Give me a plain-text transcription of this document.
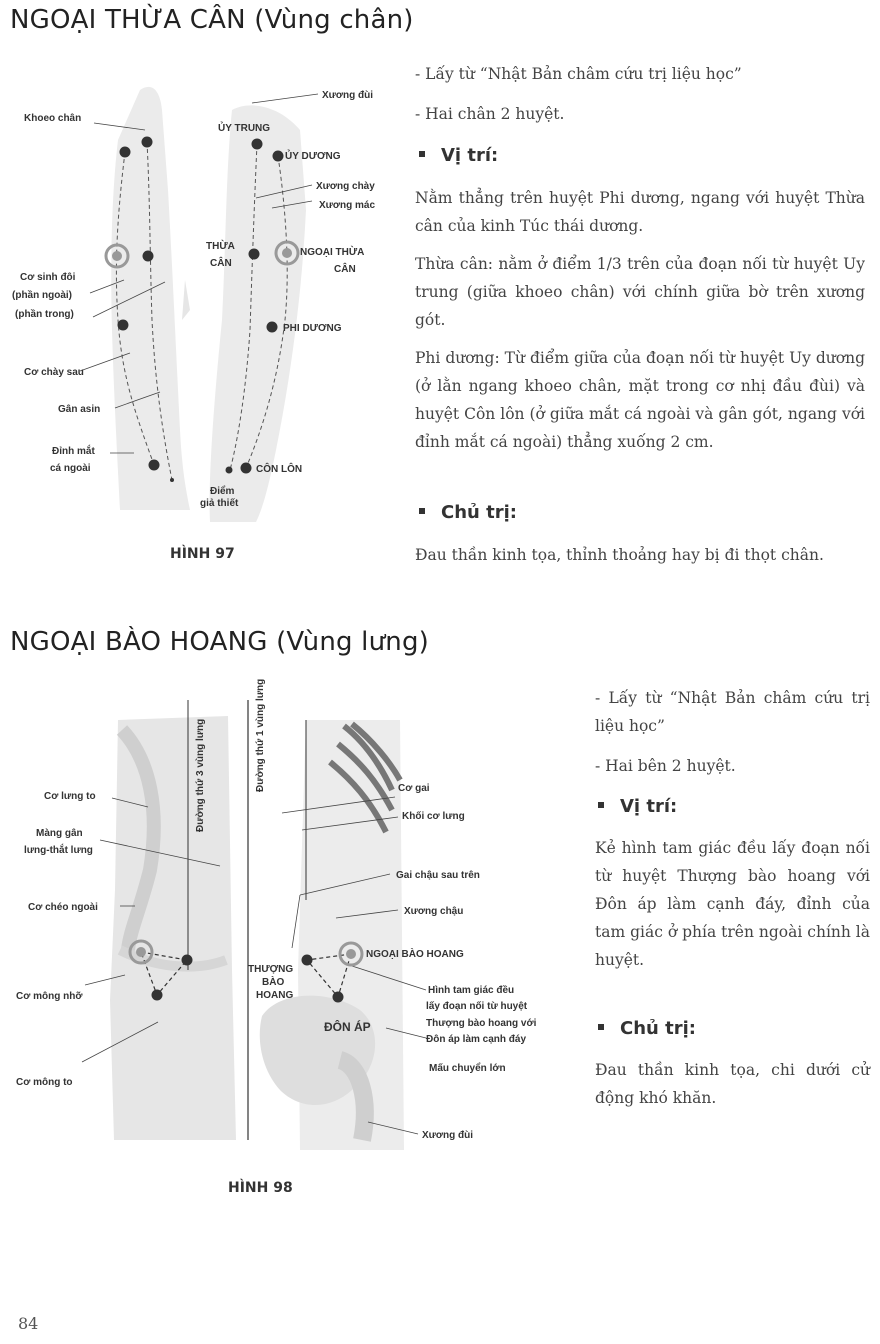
NGOẠI THỪA CÂN (Vùng chân)
Xương đùi
Khoeo chân
ỦY TRUNG
ỦY DƯƠNG
Xương chày
Xương mác
THỪA
CÂN
NGOẠI THỪA
CÂN
Cơ sinh đôi
(phần ngoài)
(phần trong)
PHI DƯƠNG
Cơ chày sau
Gân asin
Đỉnh mắt
cá ngoài	CÔN LÔN
Điểm
giả thiết
HÌNH 97

- Lấy từ “Nhật Bản châm cứu trị liệu học”

- Hai chân 2 huyệt.

Vị trí:

Nằm thẳng trên huyệt Phi dương, ngang với huyệt Thừa cân của kinh Túc thái dương.

Thừa cân: nằm ở điểm 1/3 trên của đoạn nối từ huyệt Uy trung (giữa khoeo chân) với chính giữa bờ trên xương gót.

Phi dương: Từ điểm giữa của đoạn nối từ huyệt Uy dương (ở lằn ngang khoeo chân, mặt trong cơ nhị đầu đùi) và huyệt Côn lôn (ở giữa mắt cá ngoài và gân gót, ngang với đỉnh mắt cá ngoài) thẳng xuống 2 cm.

Chủ trị:
Đau thần kinh tọa, thỉnh thoảng hay bị đi thọt chân.
NGOẠI BÀO HOANG (Vùng lưng)
Đường thứ 3 vùng lưng	Đường thứ 1 vùng lưng
Cơ lưng to
Màng gân
lưng-thắt lưng
Cơ chéo ngoài
Cơ mông nhỡ
Cơ mông to
Cơ gai
Khối cơ lưng
Gai chậu sau trên
Xương chậu
NGOẠI BÀO HOANG
THƯỢNG
BÀO
HOANG
ĐÔN ÁP
Hình tam giác đều
lấy đoạn nối từ huyệt
Thượng bào hoang với
Đôn áp làm cạnh đáy
Mấu chuyển lớn
Xương đùi
HÌNH 98

- Lấy từ “Nhật Bản châm cứu trị liệu học”

- Hai bên 2 huyệt.

Vị trí:
Kẻ hình tam giác đều lấy đoạn nối từ huyệt Thượng bào hoang với Đôn áp làm cạnh đáy, đỉnh của tam giác ở phía trên ngoài chính là huyệt.
Chủ trị:
Đau thần kinh tọa, chi dưới cử động khó khăn.
84
